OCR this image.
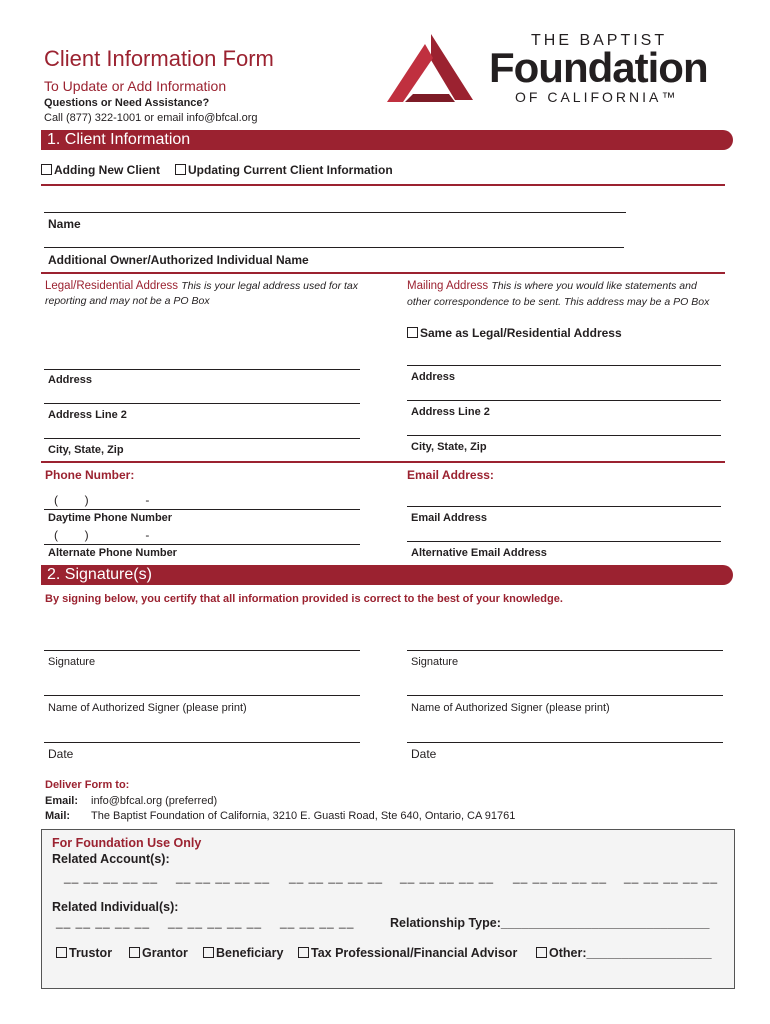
Client Information Form
To Update or Add Information
Questions or Need Assistance?
Call (877) 322-1001 or email info@bfcal.org
THE BAPTIST
Foundation
OF CALIFORNIA™
1. Client Information
Adding New Client	Updating Current Client Information
Name
Additional Owner/Authorized Individual Name
Legal/Residential Address This is your legal address used for tax reporting and may not be a PO Box
Mailing Address This is where you would like statements and other correspondence to be sent. This address may be a PO Box
Same as Legal/Residential Address
Address
Address Line 2
City, State, Zip
Address
Address Line 2
City, State, Zip
Phone Number:	Email Address:
(        )                 -
Daytime Phone Number
(        )                 -
Alternate Phone Number
Email Address
Alternative Email Address
2. Signature(s)
By signing below, you certify that all information provided is correct to the best of your knowledge.
Signature	Signature
Name of Authorized Signer (please print)	Name of Authorized Signer (please print)
Date	Date
Deliver Form to:
Email: info@bfcal.org (preferred)
Mail: The Baptist Foundation of California, 3210 E. Guasti Road, Ste 640, Ontario, CA 91761
For Foundation Use Only
Related Account(s):
__ __ __ __ __ __ __ __ __ __ __ __ __ __ __ __ __ __ __ __ __ __ __ __ __ __ __ __ __ __
Related Individual(s):
__ __ __ __ __ __ __ __ __ __ __ __ __ __	Relationship Type:______________________________
Trustor	Grantor	Beneficiary	Tax Professional/Financial Advisor	Other:__________________
